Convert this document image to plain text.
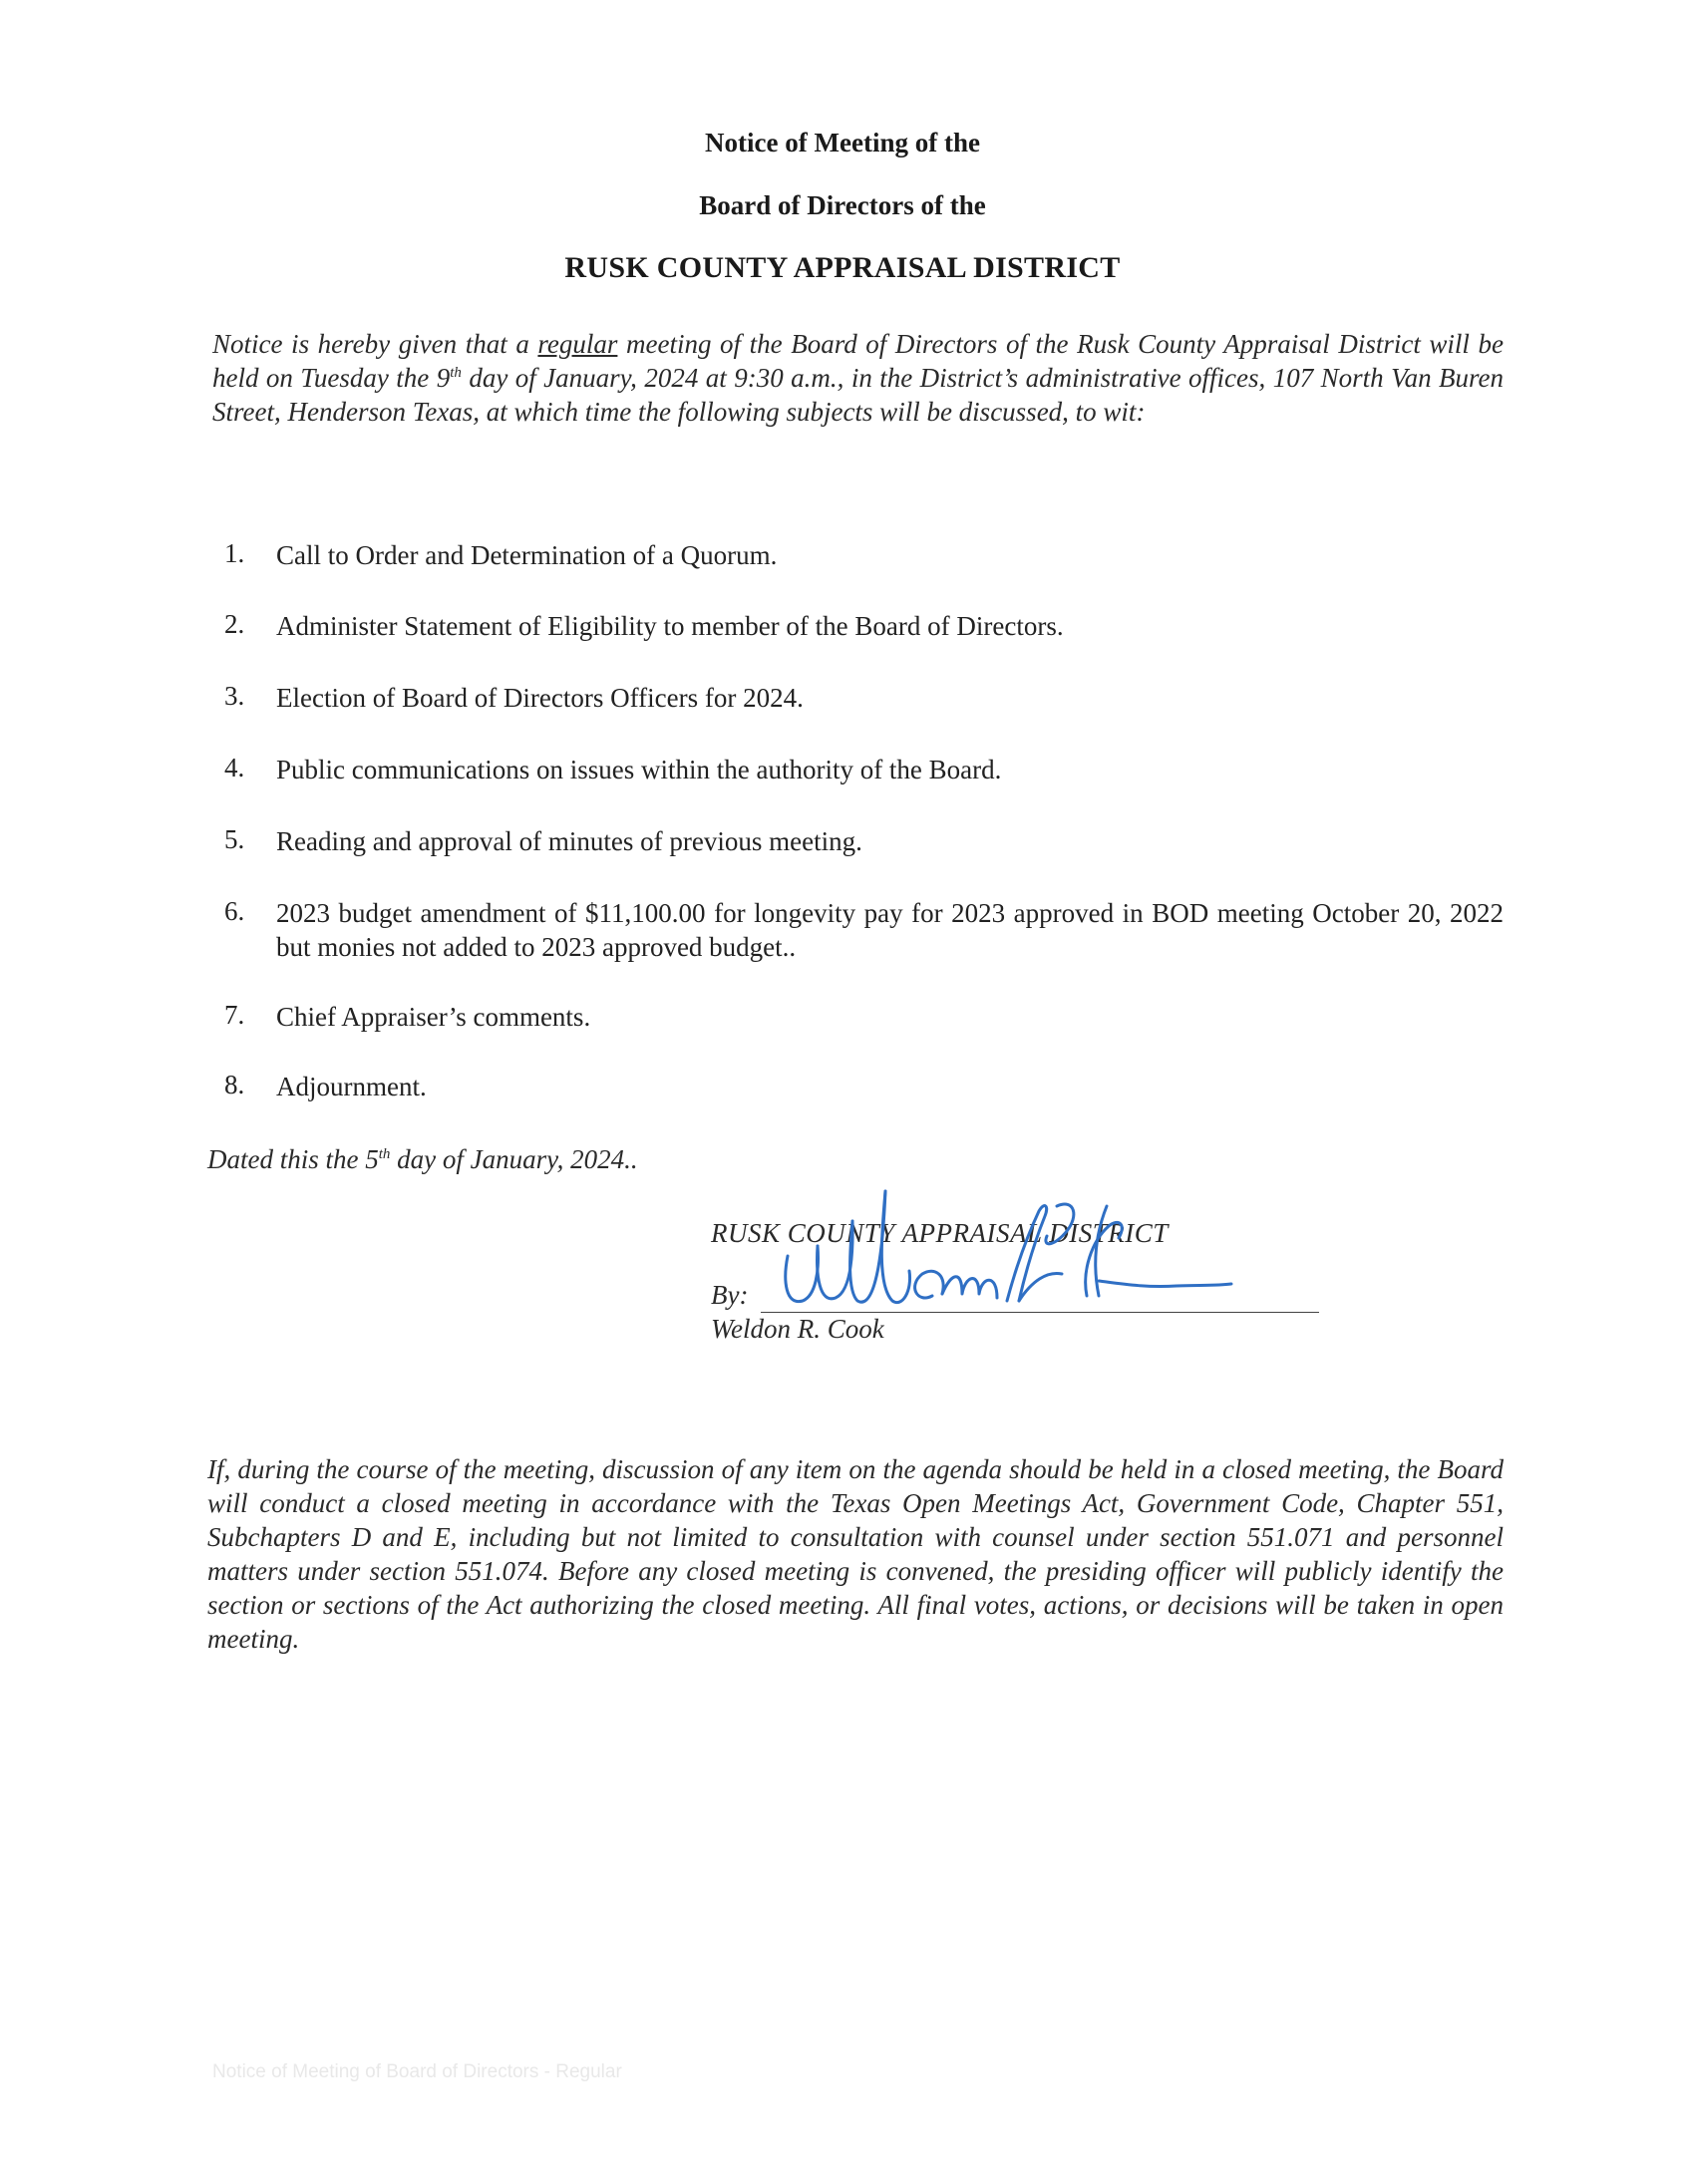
Notice of Meeting of the
Board of Directors of the
RUSK COUNTY APPRAISAL DISTRICT
Notice is hereby given that a regular meeting of the Board of Directors of the Rusk County Appraisal District will be held on Tuesday the 9th day of January, 2024 at 9:30 a.m., in the District’s administrative offices, 107 North Van Buren Street, Henderson Texas, at which time the following subjects will be discussed, to wit:
1. Call to Order and Determination of a Quorum.
2. Administer Statement of Eligibility to member of the Board of Directors.
3. Election of Board of Directors Officers for 2024.
4. Public communications on issues within the authority of the Board.
5. Reading and approval of minutes of previous meeting.
6. 2023 budget amendment of $11,100.00 for longevity pay for 2023 approved in BOD meeting October 20, 2022 but monies not added to 2023 approved budget..
7. Chief Appraiser’s comments.
8. Adjournment.
Dated this the 5th day of January, 2024..
RUSK COUNTY APPRAISAL DISTRICT
By:
Weldon R. Cook
If, during the course of the meeting, discussion of any item on the agenda should be held in a closed meeting, the Board will conduct a closed meeting in accordance with the Texas Open Meetings Act, Government Code, Chapter 551, Subchapters D and E, including but not limited to consultation with counsel under section 551.071 and personnel matters under section 551.074. Before any closed meeting is convened, the presiding officer will publicly identify the section or sections of the Act authorizing the closed meeting. All final votes, actions, or decisions will be taken in open meeting.
Notice of Meeting of Board of Directors - Regular
